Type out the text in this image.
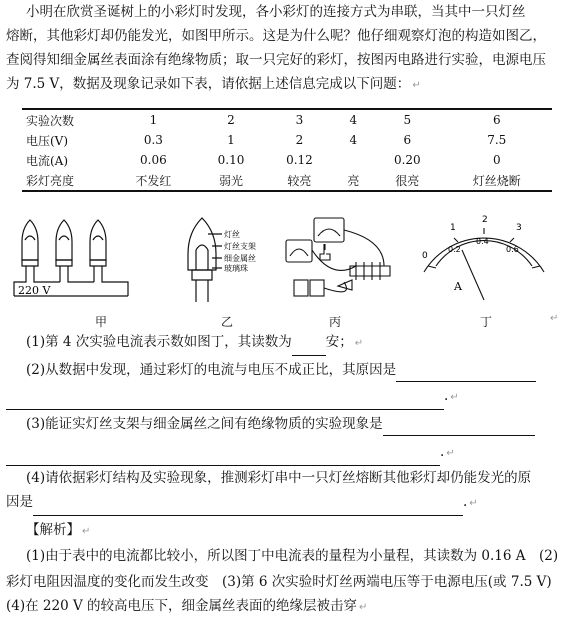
小明在欣赏圣诞树上的小彩灯时发现，各小彩灯的连接方式为串联，当其中一只灯丝
熔断，其他彩灯却仍能发光，如图甲所示。这是为什么呢？他仔细观察灯泡的构造如图乙，
查阅得知细金属丝表面涂有绝缘物质；取一只完好的彩灯，按图丙电路进行实验，电源电压
为 7.5 V，数据及现象记录如下表，请依据上述信息完成以下问题： ↵
实验次数	1	2	3	4	5	6
电压(V)	0.3	1	2	4	6	7.5
电流(A)	0.06	0.10	0.12		0.20	0
彩灯亮度	不发红	弱光	较亮	亮	很亮	灯丝烧断
220 V
灯丝
灯丝支架
细金属丝
玻璃珠
0
1
2
3
0.2
0.4
0.6
A
甲	乙	丙	丁	↵
(1)第 4 次实验电流表示数如图丁，其读数为	安； ↵
(2)从数据中发现，通过彩灯的电流与电压不成正比，其原因是
. ↵
(3)能证实灯丝支架与细金属丝之间有绝缘物质的实验现象是
. ↵
(4)请依据彩灯结构及实验现象，推测彩灯串中一只灯丝熔断其他彩灯却仍能发光的原
因是	. ↵
【解析】 ↵
(1)由于表中的电流都比较小，所以图丁中电流表的量程为小量程，其读数为 0.16 A　(2)
彩灯电阻因温度的变化而发生改变　(3)第 6 次实验时灯丝两端电压等于电源电压(或 7.5 V)
(4)在 220 V 的较高电压下，细金属丝表面的绝缘层被击穿 ↵
